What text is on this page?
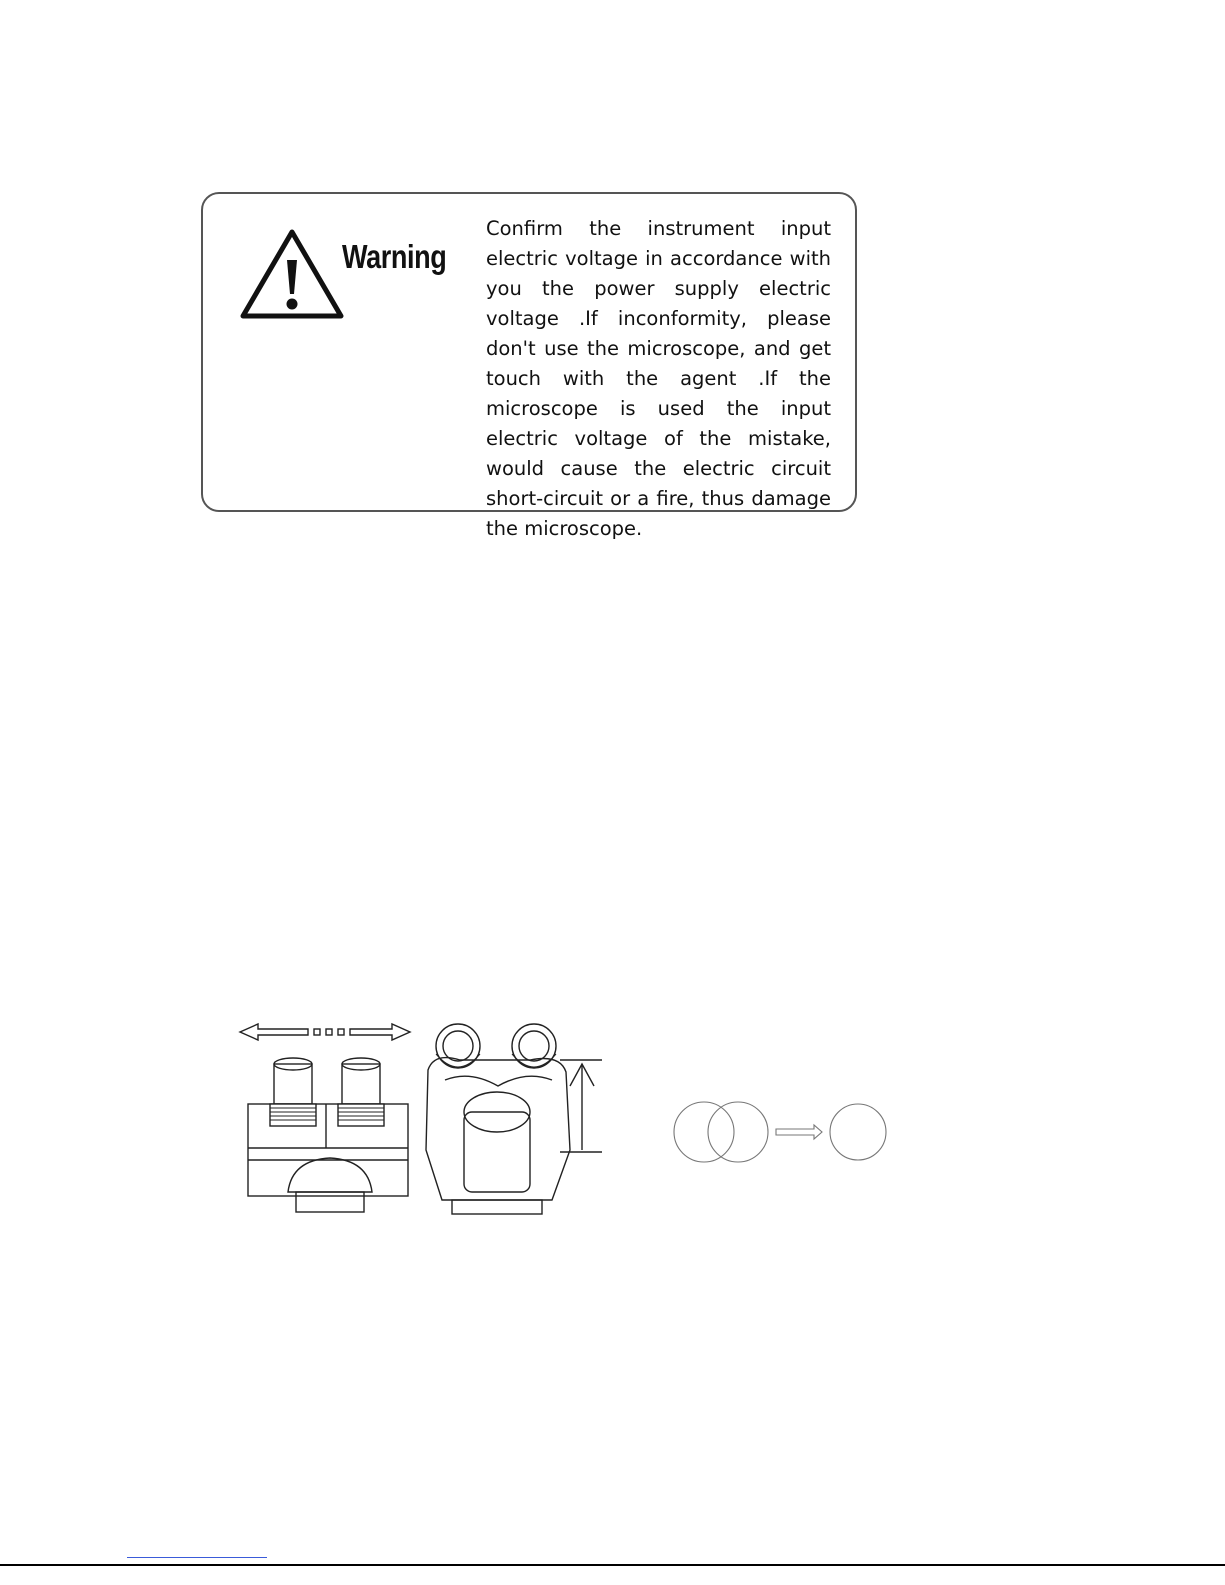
Warning
Confirm the instrument input electric voltage in accordance with you the power supply electric voltage .If inconformity, please don't use the microscope, and get touch with the agent .If the microscope is used the input electric voltage of the mistake, would cause the electric circuit short-circuit or a fire, thus damage the microscope.
